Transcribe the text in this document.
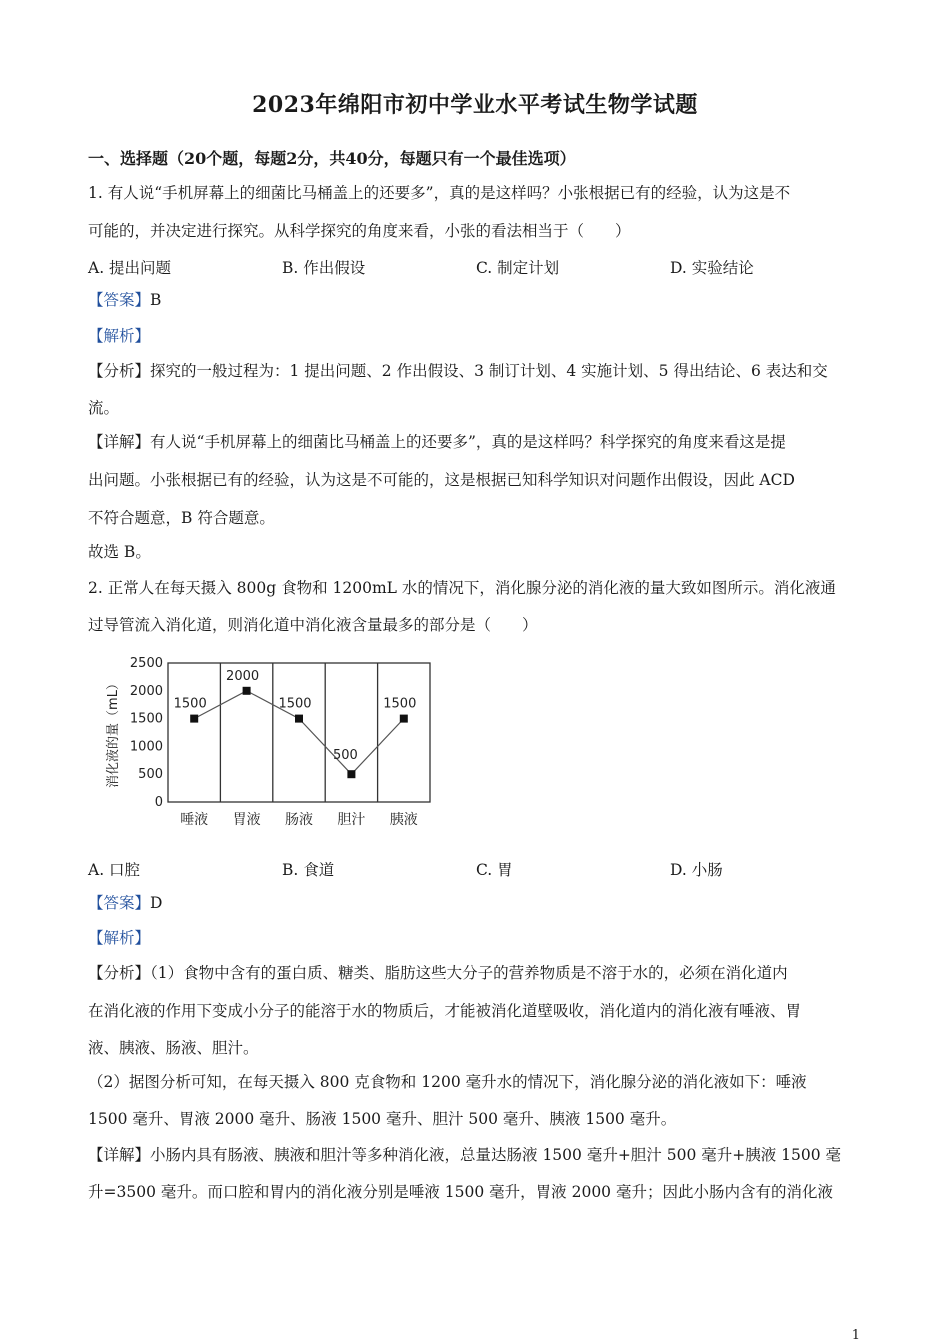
2023年绵阳市初中学业水平考试生物学试题
一、选择题（20个题，每题2分，共40分，每题只有一个最佳选项）
1. 有人说“手机屏幕上的细菌比马桶盖上的还要多”，真的是这样吗？小张根据已有的经验，认为这是不
可能的，并决定进行探究。从科学探究的角度来看，小张的看法相当于（　　）
A. 提出问题	B. 作出假设	C. 制定计划	D. 实验结论
【答案】B
【解析】
【分析】探究的一般过程为：1 提出问题、2 作出假设、3 制订计划、4 实施计划、5 得出结论、6 表达和交
流。
【详解】有人说“手机屏幕上的细菌比马桶盖上的还要多”，真的是这样吗？科学探究的角度来看这是提
出问题。小张根据已有的经验，认为这是不可能的，这是根据已知科学知识对问题作出假设，因此 ACD
不符合题意，B 符合题意。
故选 B。
2. 正常人在每天摄入 800g 食物和 1200mL 水的情况下，消化腺分泌的消化液的量大致如图所示。消化液通
过导管流入消化道，则消化道中消化液含量最多的部分是（　　）
0
500
1000
1500
2000
2500
消化液的量（mL）	1500
2000
1500
500
1500
唾液 胃液 肠液 胆汁 胰液
A. 口腔	B. 食道	C. 胃	D. 小肠
【答案】D
【解析】
【分析】（1）食物中含有的蛋白质、糖类、脂肪这些大分子的营养物质是不溶于水的，必须在消化道内
在消化液的作用下变成小分子的能溶于水的物质后，才能被消化道壁吸收，消化道内的消化液有唾液、胃
液、胰液、肠液、胆汁。
（2）据图分析可知，在每天摄入 800 克食物和 1200 毫升水的情况下，消化腺分泌的消化液如下：唾液
1500 毫升、胃液 2000 毫升、肠液 1500 毫升、胆汁 500 毫升、胰液 1500 毫升。
【详解】小肠内具有肠液、胰液和胆汁等多种消化液，总量达肠液 1500 毫升+胆汁 500 毫升+胰液 1500 毫
升=3500 毫升。而口腔和胃内的消化液分别是唾液 1500 毫升，胃液 2000 毫升；因此小肠内含有的消化液
1
